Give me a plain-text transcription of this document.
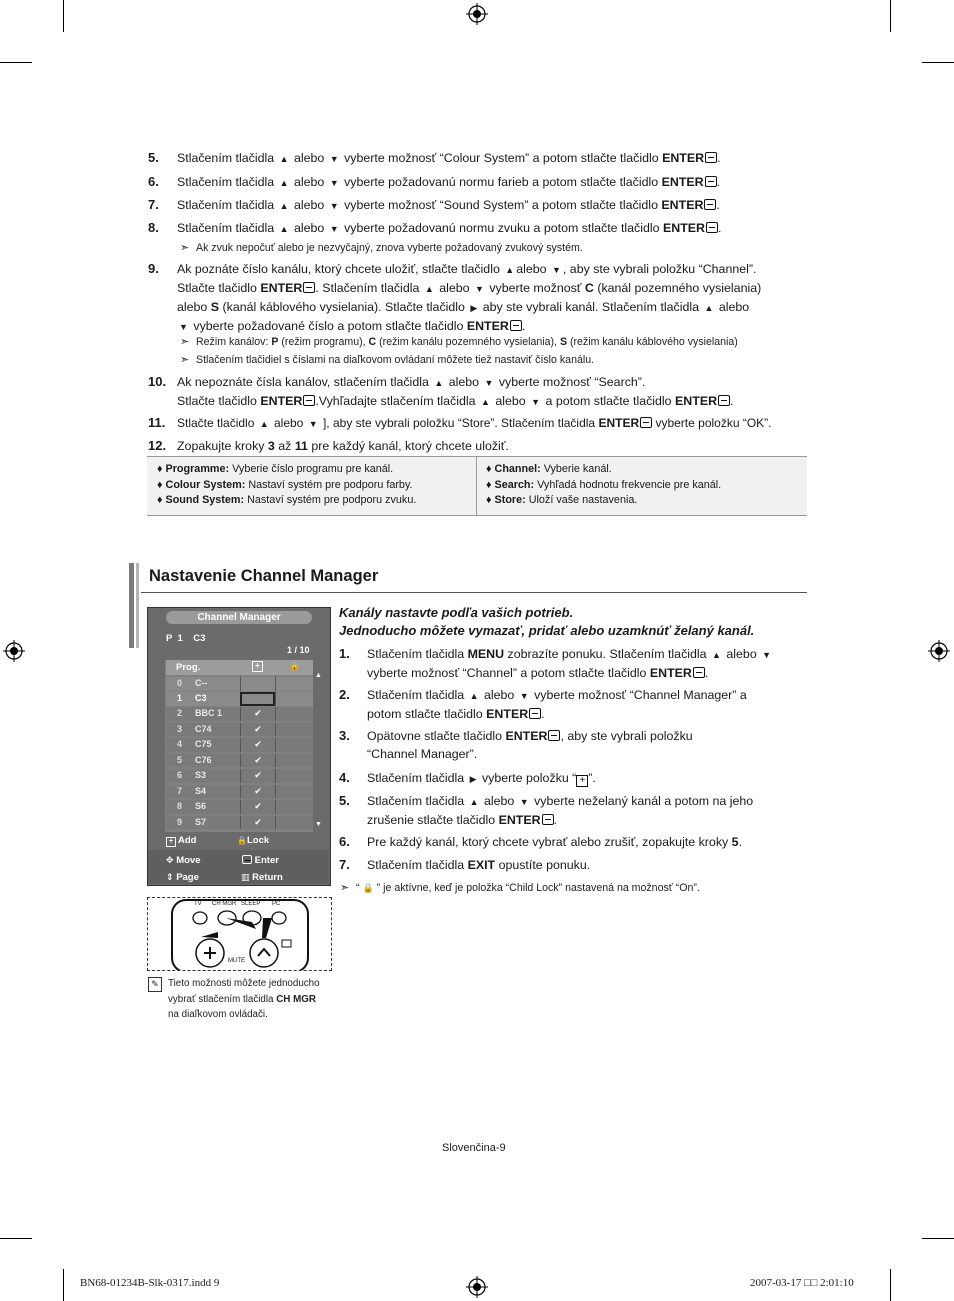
5.	Stlačením tlačidla ▲ alebo ▼ vyberte možnosť “Colour System” a potom stlačte tlačidlo ENTER .
6.	Stlačením tlačidla ▲ alebo ▼ vyberte požadovanú normu farieb a potom stlačte tlačidlo ENTER .
7.	Stlačením tlačidla ▲ alebo ▼ vyberte možnosť “Sound System” a potom stlačte tlačidlo ENTER .
8.	Stlačením tlačidla ▲ alebo ▼ vyberte požadovanú normu zvuku a potom stlačte tlačidlo ENTER .
➣ Ak zvuk nepočuť alebo je nezvyčajný, znova vyberte požadovaný zvukový systém.
9.	Ak poznáte číslo kanálu, ktorý chcete uložiť, stlačte tlačidlo ▲ alebo ▼ , aby ste vybrali položku “Channel”.
Stlačte tlačidlo ENTER . Stlačením tlačidla ▲ alebo ▼ vyberte možnosť C (kanál pozemného vysielania)
alebo S (kanál káblového vysielania). Stlačte tlačidlo ▶ aby ste vybrali kanál. Stlačením tlačidla ▲ alebo
▼ vyberte požadované číslo a potom stlačte tlačidlo ENTER .
➣ Režim kanálov: P (režim programu), C (režim kanálu pozemného vysielania), S (režim kanálu káblového vysielania)
➣ Stlačením tlačidiel s číslami na diaľkovom ovládaní môžete tiež nastaviť číslo kanálu.
10. Ak nepoznáte čísla kanálov, stlačením tlačidla ▲ alebo ▼ vyberte možnosť “Search”.
Stlačte tlačidlo ENTER .Vyhľadajte stlačením tlačidla ▲ alebo ▼ a potom stlačte tlačidlo ENTER .
11. Stlačte tlačidlo ▲ alebo ▼ ], aby ste vybrali položku “Store”. Stlačením tlačidla ENTER vyberte položku “OK”.
12. Zopakujte kroky 3 až 11 pre každý kanál, ktorý chcete uložiť.
♦ Programme: Vyberie číslo programu pre kanál.
♦ Colour System: Nastaví systém pre podporu farby.
♦ Sound System: Nastaví systém pre podporu zvuku.
♦ Channel: Vyberie kanál.
♦ Search: Vyhľadá hodnotu frekvencie pre kanál.
♦ Store: Uloží vaše nastavenia.
Nastavenie Channel Manager
Channel Manager
P  1    C3
1 / 10
Prog.	+	🔒
0 C--
1 C3
2 BBC 1	✔
3 C74	✔
4 C75	✔
5 C76	✔
6 S3	✔
7 S4	✔
8 S6	✔
9 S7	✔
▲
▼
+ Add	🔒Lock
✥ Move	Enter
⇕ Page	▥ Return
TV CH MGR SLEEP PC
MUTE
✎ Tieto možnosti môžete jednoducho
vybrať stlačením tlačidla CH MGR
na diaľkovom ovládači.
Kanály nastavte podľa vašich potrieb.
Jednoducho môžete vymazať, pridať alebo uzamknúť želaný kanál.
1. Stlačením tlačidla MENU zobrazíte ponuku. Stlačením tlačidla ▲ alebo ▼
vyberte možnosť “Channel” a potom stlačte tlačidlo ENTER .
2. Stlačením tlačidla ▲ alebo ▼ vyberte možnosť “Channel Manager” a
potom stlačte tlačidlo ENTER .
3. Opätovne stlačte tlačidlo ENTER , aby ste vybrali položku
“Channel Manager”.
4. Stlačením tlačidla ▶ vyberte položku “ + ”.
5. Stlačením tlačidla ▲ alebo ▼ vyberte neželaný kanál a potom na jeho
zrušenie stlačte tlačidlo ENTER .
6. Pre každý kanál, ktorý chcete vybrať alebo zrušiť, zopakujte kroky 5.
7. Stlačením tlačidla EXIT opustíte ponuku.
➣ “ 🔒 ” je aktívne, keď je položka “Child Lock” nastavená na možnosť “On”.
Slovenčina-9
BN68-01234B-Slk-0317.indd 9	2007-03-17 □□ 2:01:10
